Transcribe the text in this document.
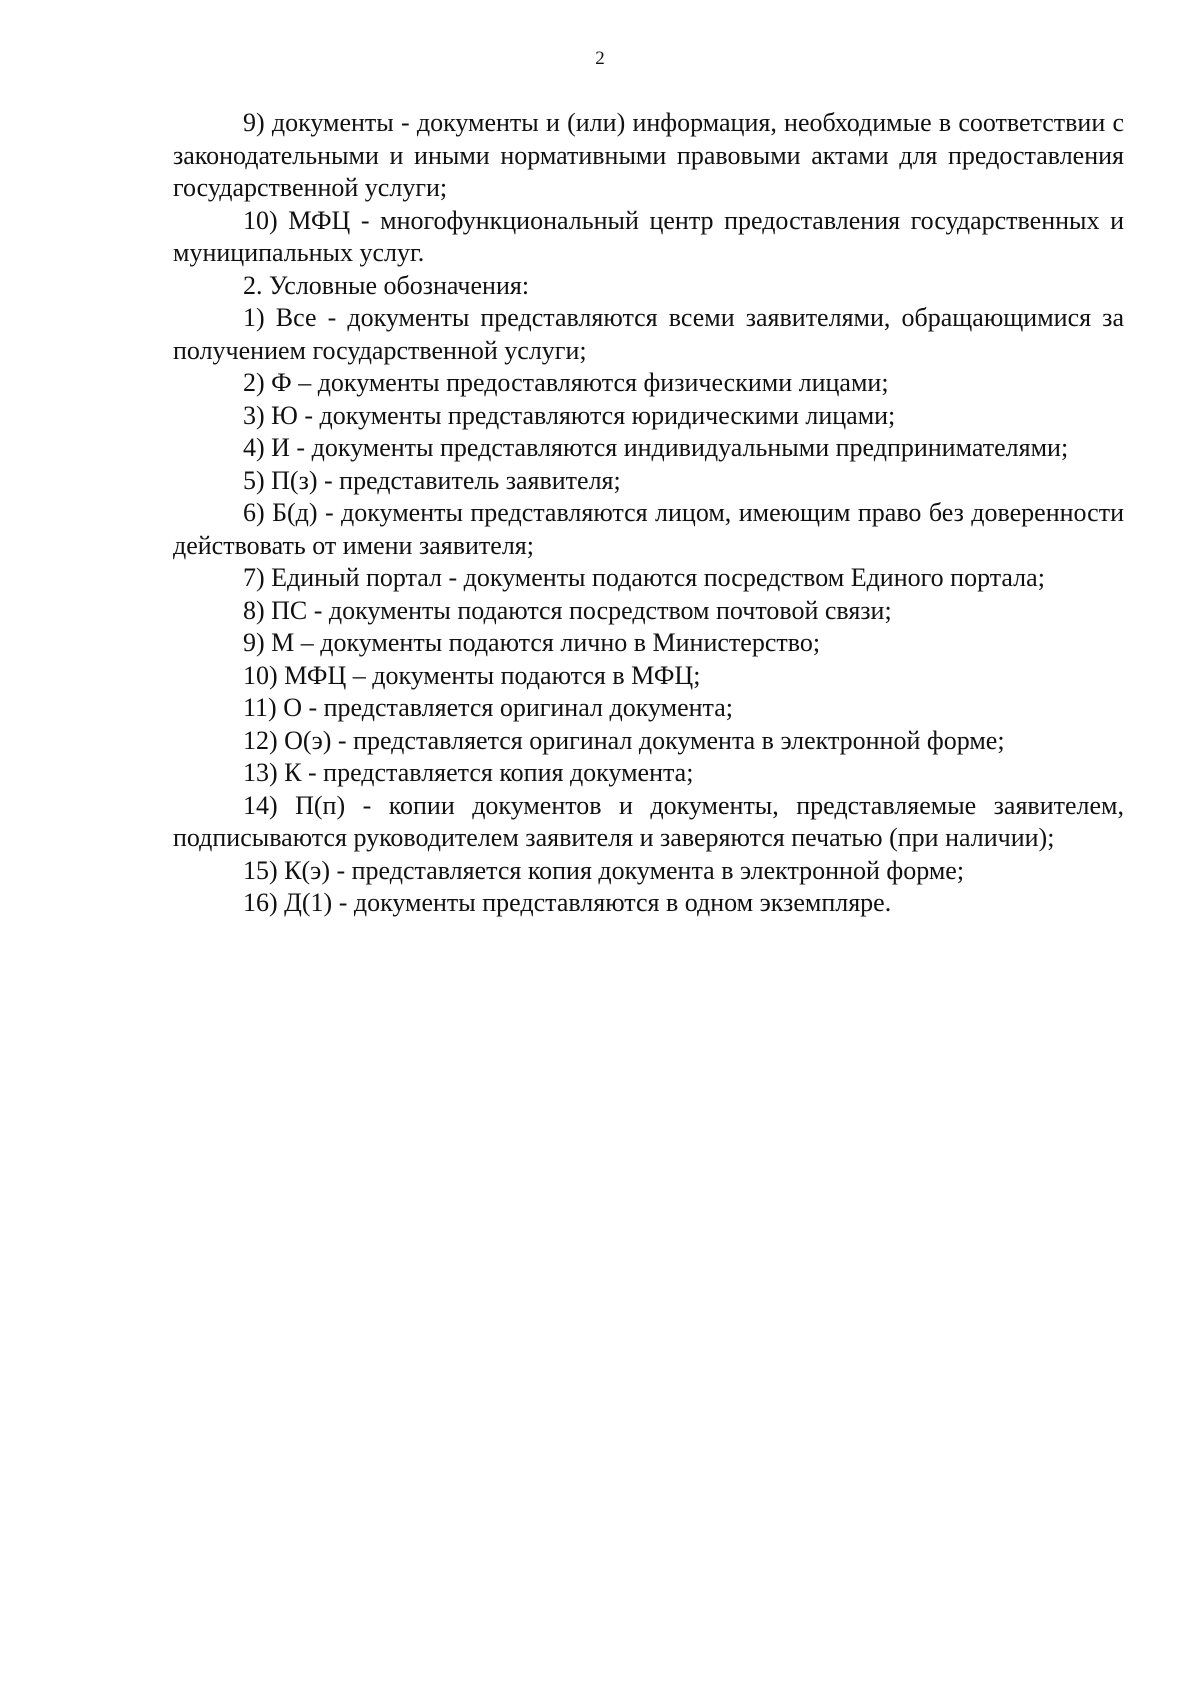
2

9) документы - документы и (или) информация, необходимые в соответствии с законодательными и иными нормативными правовыми актами для предоставления государственной услуги;

10) МФЦ - многофункциональный центр предоставления государственных и муниципальных услуг.

2. Условные обозначения:

1) Все - документы представляются всеми заявителями, обращающимися за получением государственной услуги;

2) Ф – документы предоставляются физическими лицами;

3) Ю - документы представляются юридическими лицами;

4) И - документы представляются индивидуальными предпринимателями;

5) П(з) - представитель заявителя;

6) Б(д) - документы представляются лицом, имеющим право без доверенности действовать от имени заявителя;

7) Единый портал - документы подаются посредством Единого портала;

8) ПС - документы подаются посредством почтовой связи;

9) М – документы подаются лично в Министерство;

10) МФЦ – документы подаются в МФЦ;

11) О - представляется оригинал документа;

12) О(э) - представляется оригинал документа в электронной форме;

13) К - представляется копия документа;

14) П(п) - копии документов и документы, представляемые заявителем, подписываются руководителем заявителя и заверяются печатью (при наличии);

15) К(э) - представляется копия документа в электронной форме;

16) Д(1) - документы представляются в одном экземпляре.
